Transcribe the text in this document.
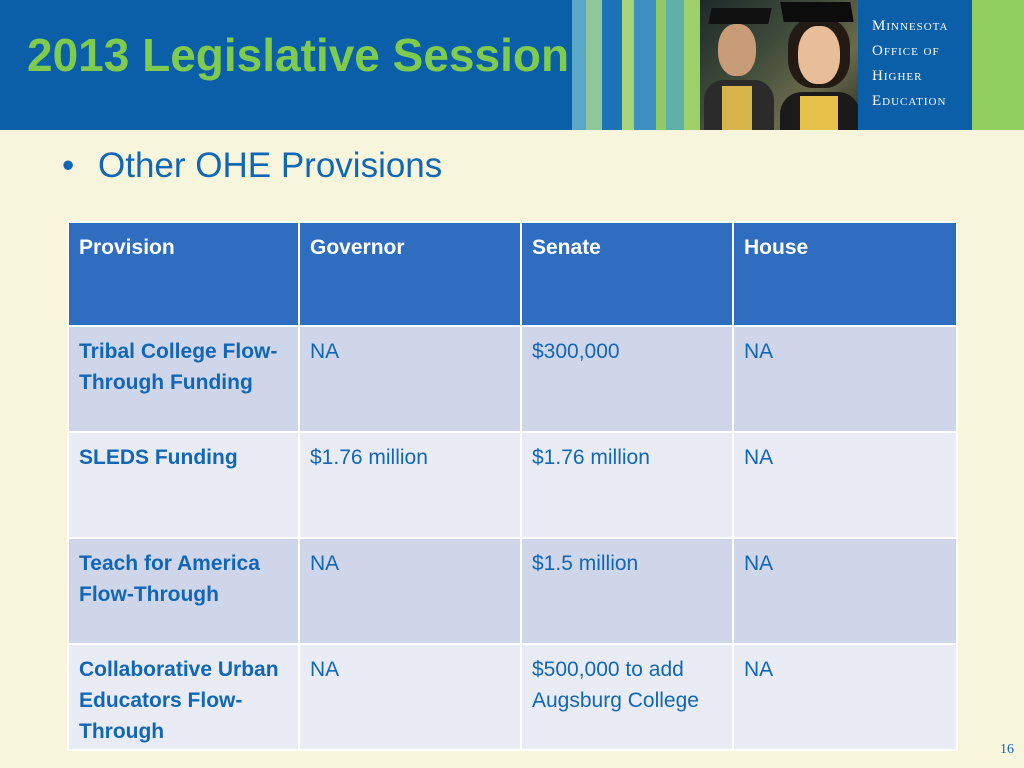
2013 Legislative Session
Minnesota
Office of
Higher
Education
• Other OHE Provisions
Provision	Governor	Senate	House
Tribal College Flow-Through Funding	NA	$300,000	NA
SLEDS Funding	$1.76 million	$1.76 million	NA
Teach for America Flow-Through	NA	$1.5 million	NA
Collaborative Urban Educators Flow-Through	NA	$500,000 to add Augsburg College	NA
16
